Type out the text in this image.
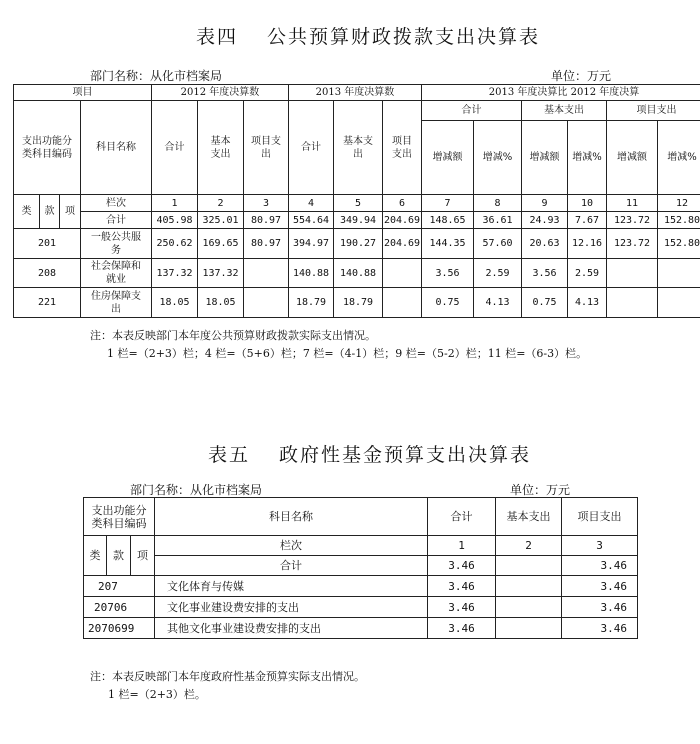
表四　 公共预算财政拨款支出决算表
部门名称：从化市档案局	单位：万元
项目				2012 年度决算数			2013 年度决算数			2013 年度决算比 2012 年度决算					
支出功能分类科目编码			科目名称	合计	基本支出	项目支出	合计	基本支出	项目支出	合计		基本支出		项目支出	
										增减额	增减%	增减额	增减%	增减额	增减%
类	款	项	栏次	1	2	3	4	5	6	7	8	9	10	11	12
			合计	405.98	325.01	80.97	554.64	349.94	204.69	148.65	36.61	24.93	7.67	123.72	152.80
201			一般公共服务	250.62	169.65	80.97	394.97	190.27	204.69	144.35	57.60	20.63	12.16	123.72	152.80
208			社会保障和就业	137.32	137.32		140.88	140.88		3.56	2.59	3.56	2.59		
221			住房保障支出	18.05	18.05		18.79	18.79		0.75	4.13	0.75	4.13		
注：本表反映部门本年度公共预算财政拨款实际支出情况。
1 栏=（2+3）栏；4 栏=（5+6）栏；7 栏=（4-1）栏；9 栏=（5-2）栏；11 栏=（6-3）栏。
表五　 政府性基金预算支出决算表
部门名称：从化市档案局	单位：万元
支出功能分类科目编码			科目名称	合计	基本支出	项目支出
类	款	项	栏次	1	2	3
			合计	3.46		3.46
207			文化体育与传媒	3.46		3.46
20706			文化事业建设费安排的支出	3.46		3.46
2070699			其他文化事业建设费安排的支出	3.46		3.46
注：本表反映部门本年度政府性基金预算实际支出情况。
1 栏=（2+3）栏。
